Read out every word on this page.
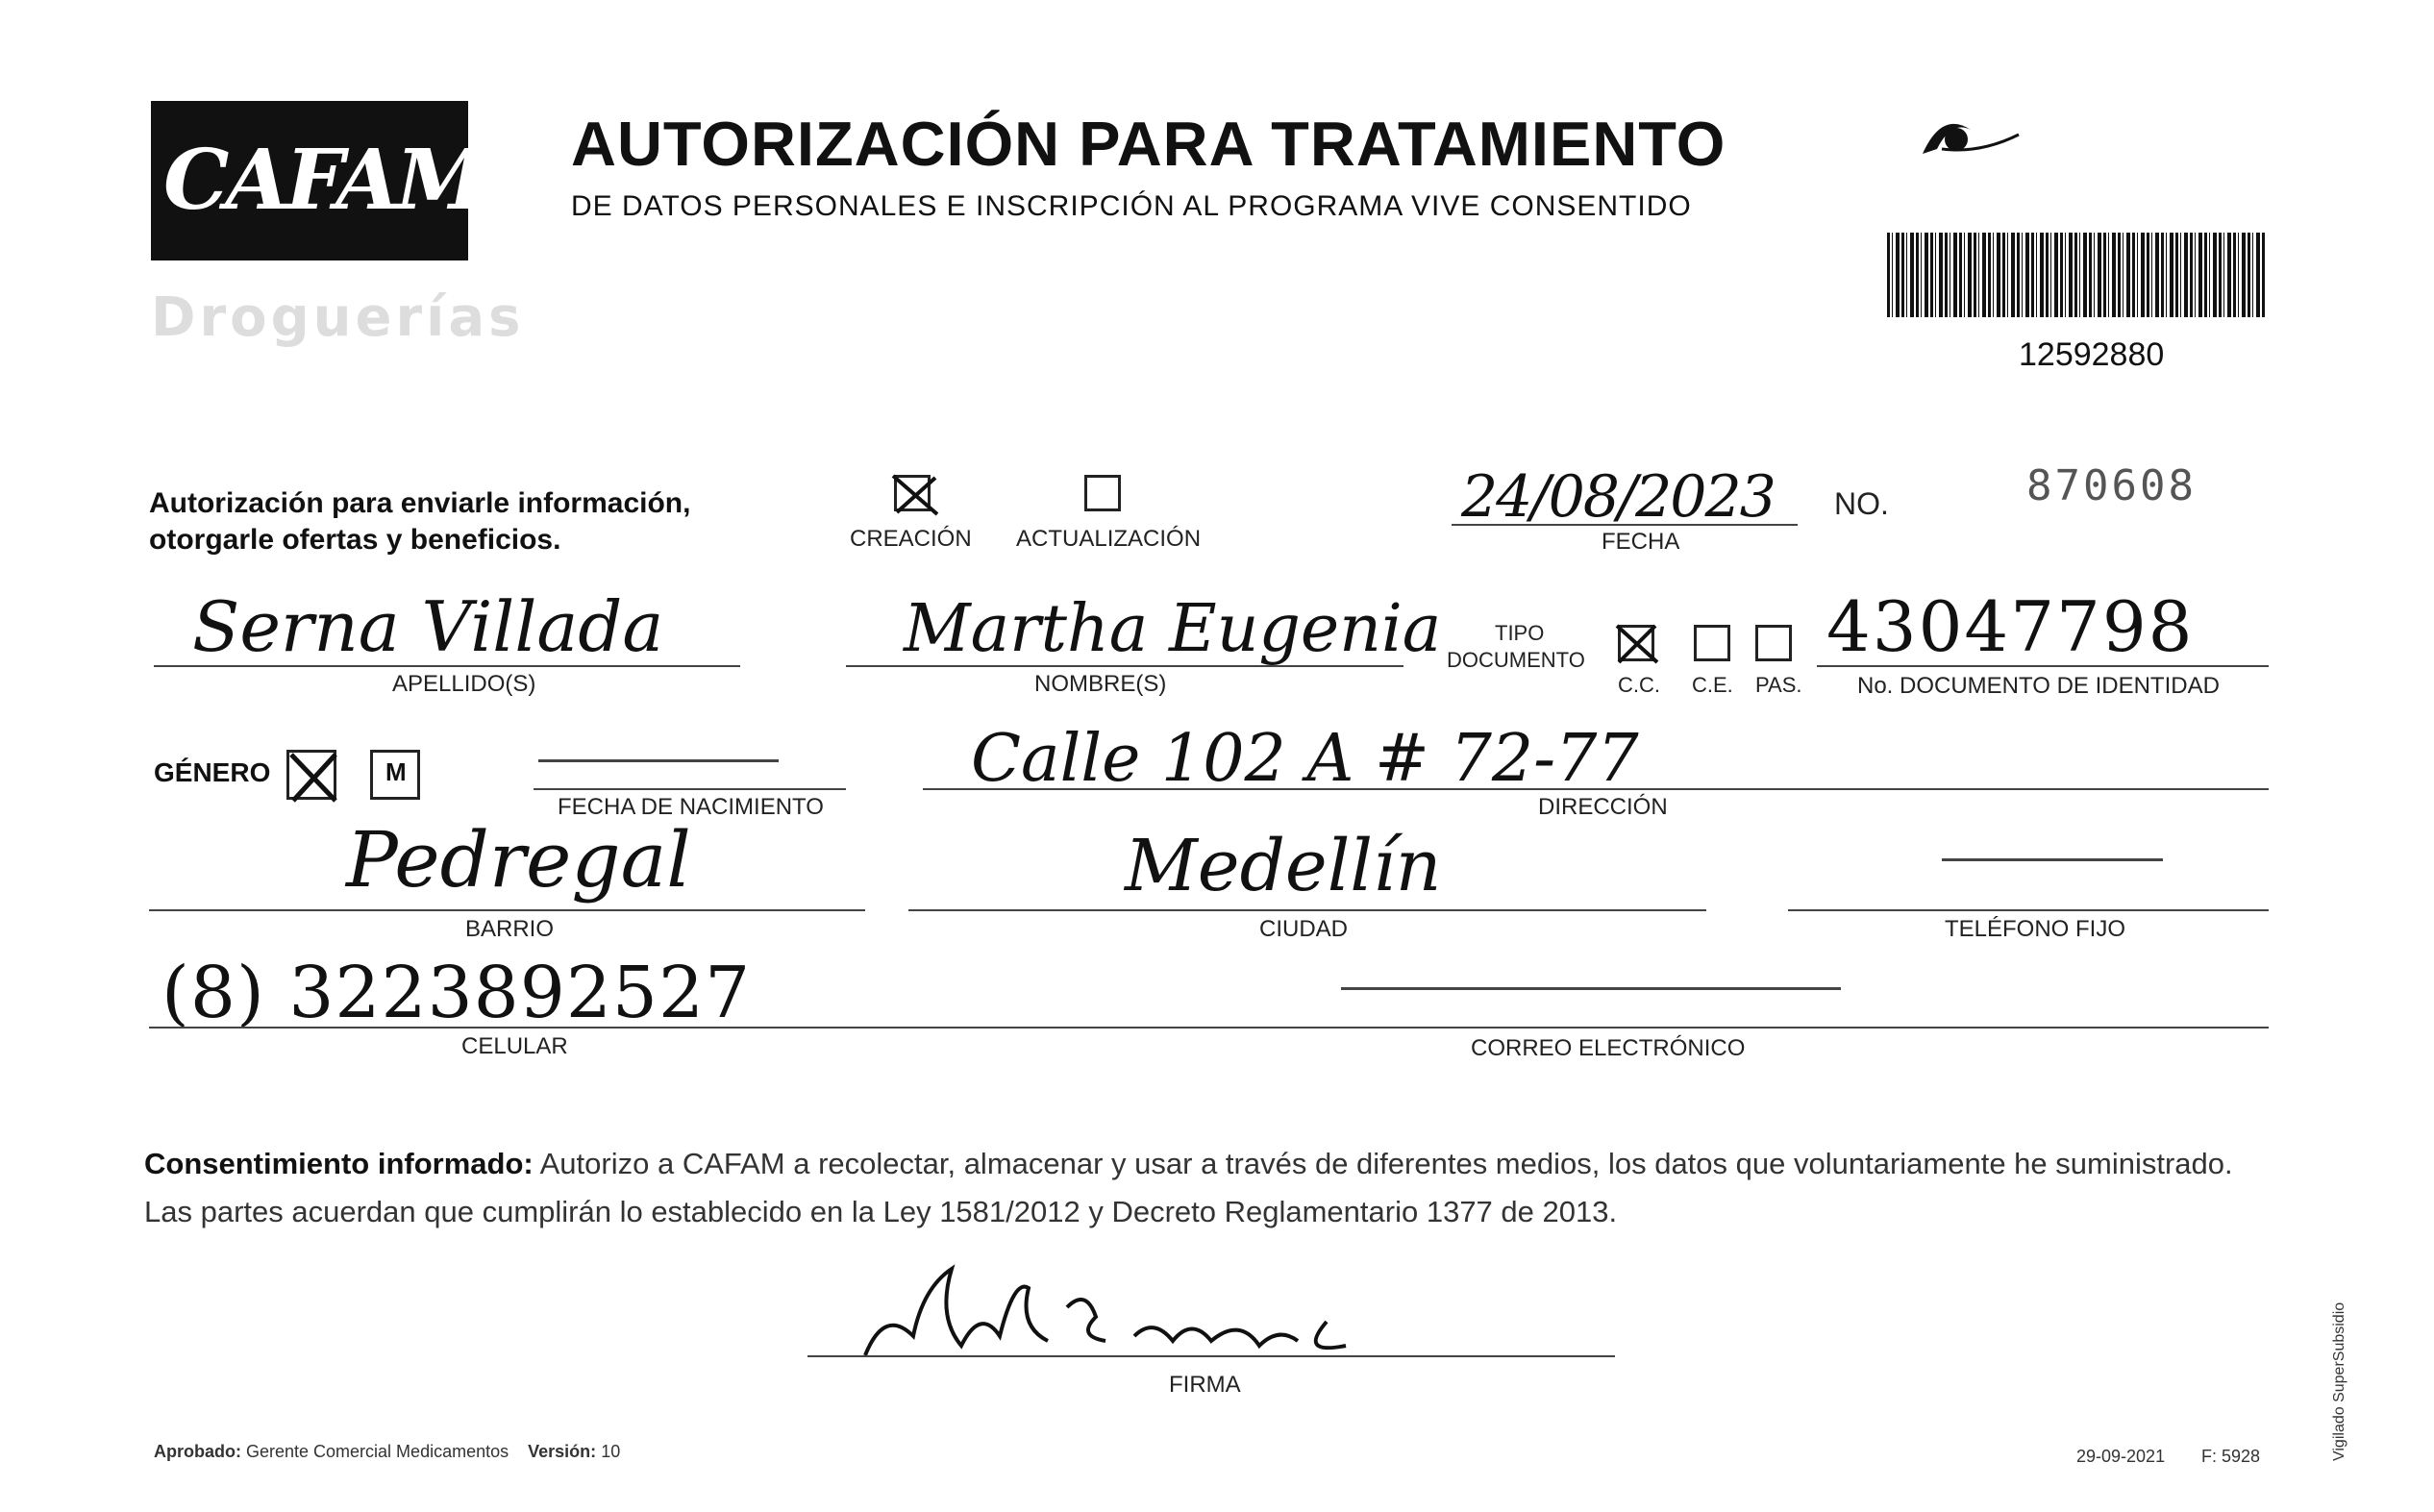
CAFAM
Droguerías
AUTORIZACIÓN PARA TRATAMIENTO
DE DATOS PERSONALES E INSCRIPCIÓN AL PROGRAMA VIVE CONSENTIDO
12592880
Autorización para enviarle información,
otorgarle ofertas y beneficios.	CREACIÓN ACTUALIZACIÓN
24/08/2023
FECHA
NO.	870608
Serna Villada
APELLIDO(S)
Martha Eugenia
NOMBRE(S)
TIPO
DOCUMENTO
C.C. C.E. PAS.
43047798
No. DOCUMENTO DE IDENTIDAD
GÉNERO	M
FECHA DE NACIMIENTO
Calle 102 A # 72-77
DIRECCIÓN
Pedregal
BARRIO
Medellín
CIUDAD	TELÉFONO FIJO
(8) 3223892527
CELULAR	CORREO ELECTRÓNICO
Consentimiento informado: Autorizo a CAFAM a recolectar, almacenar y usar a través de diferentes medios, los datos que voluntariamente he suministrado.
Las partes acuerdan que cumplirán lo establecido en la Ley 1581/2012 y Decreto Reglamentario 1377 de 2013.
FIRMA
Aprobado: Gerente Comercial Medicamentos Versión: 10	29-09-2021 F: 5928	Vigilado SuperSubsidio
